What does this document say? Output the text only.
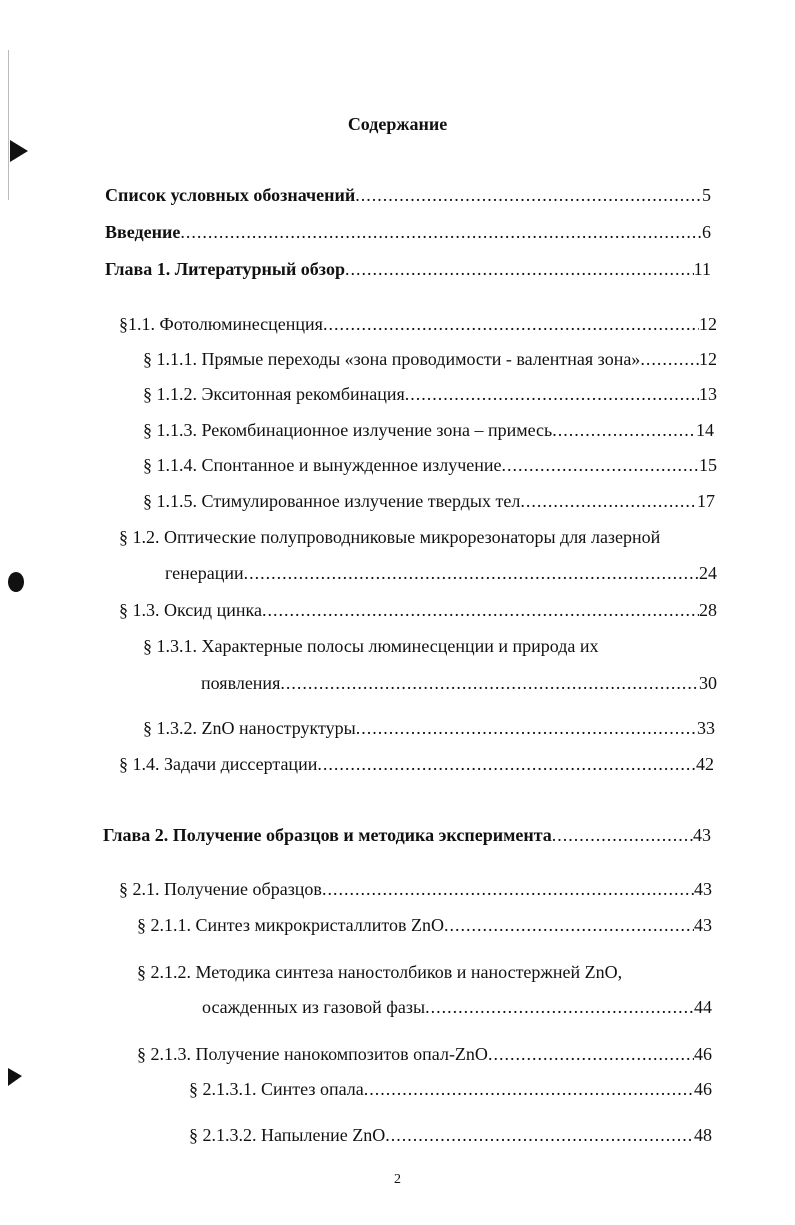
Содержание
Список условных обозначений .....	5
Введение .....	6
Глава 1. Литературный обзор .....	11
§1.1. Фотолюминесценция .....	12
§ 1.1.1. Прямые переходы «зона проводимости - валентная зона» .....	12
§ 1.1.2. Экситонная рекомбинация .....	13
§ 1.1.3. Рекомбинационное излучение зона – примесь .....	14
§ 1.1.4. Спонтанное и вынужденное излучение .....	15
§ 1.1.5. Стимулированное излучение твердых тел .....	17
§ 1.2. Оптические полупроводниковые микрорезонаторы для лазерной
генерации .....	24
§ 1.3. Оксид цинка .....	28
§ 1.3.1. Характерные полосы люминесценции и природа их
появления .....	30
§ 1.3.2. ZnO наноструктуры .....	33
§ 1.4. Задачи диссертации .....	42
Глава 2. Получение образцов и методика эксперимента .....	43
§ 2.1. Получение образцов .....	43
§ 2.1.1. Синтез микрокристаллитов ZnO .....	43
§ 2.1.2. Методика синтеза наностолбиков и наностержней ZnO,
осажденных из газовой фазы .....	44
§ 2.1.3. Получение нанокомпозитов опал-ZnO .....	46
§ 2.1.3.1. Синтез опала .....	46
§ 2.1.3.2. Напыление ZnO .....	48
2
